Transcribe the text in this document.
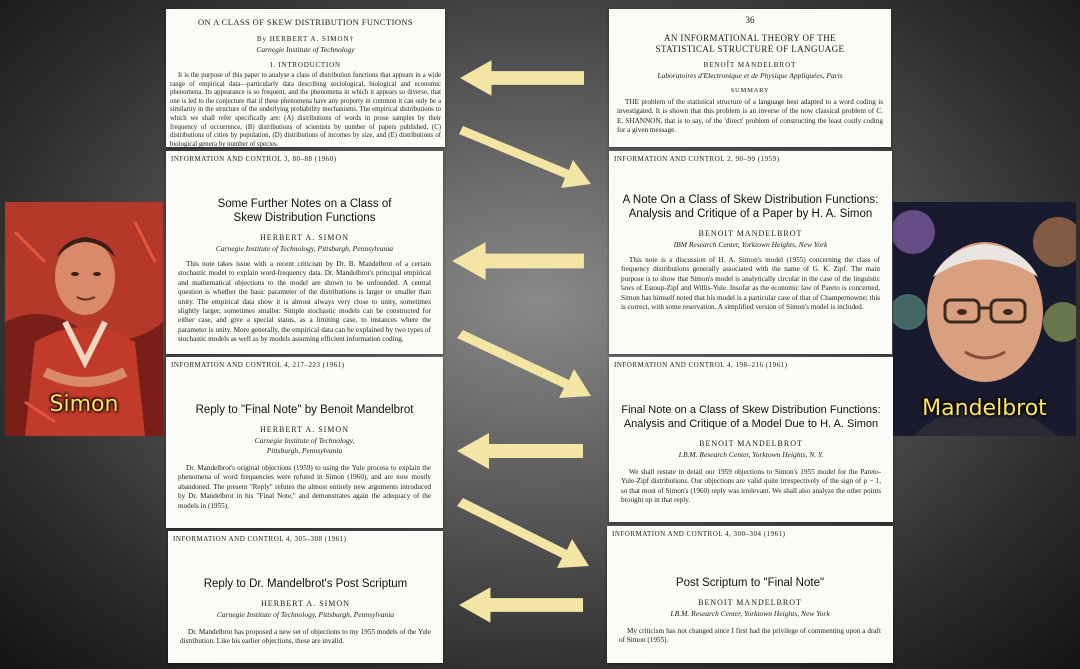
Simon	Mandelbrot
ON A CLASS OF SKEW DISTRIBUTION FUNCTIONS
By HERBERT A. SIMON†
Carnegie Institute of Technology
I. INTRODUCTION
It is the purpose of this paper to analyse a class of distribution functions that appears in a wide range of empirical data—particularly data describing sociological, biological and economic phenomena. Its appearance is so frequent, and the phenomena in which it appears so diverse, that one is led to the conjecture that if these phenomena have any property in common it can only be a similarity in the structure of the underlying probability mechanisms. The empirical distributions to which we shall refer specifically are: (A) distributions of words in prose samples by their frequency of occurrence, (B) distributions of scientists by number of papers published, (C) distributions of cities by population, (D) distributions of incomes by size, and (E) distributions of biological genera by number of species.
INFORMATION AND CONTROL 3, 80–88 (1960)
Some Further Notes on a Class of Skew Distribution Functions
HERBERT A. SIMON
Carnegie Institute of Technology, Pittsburgh, Pennsylvania
This note takes issue with a recent criticism by Dr. B. Mandelbrot of a certain stochastic model to explain word-frequency data. Dr. Mandelbrot's principal empirical and mathematical objections to the model are shown to be unfounded. A central question is whether the basic parameter of the distributions is larger or smaller than unity. The empirical data show it is almost always very close to unity, sometimes slightly larger, sometimes smaller. Simple stochastic models can be constructed for either case, and give a special status, as a limiting case, to instances where the parameter is unity. More generally, the empirical data can be explained by two types of stochastic models as well as by models assuming efficient information coding.
INFORMATION AND CONTROL 4, 217–223 (1961)
Reply to "Final Note" by Benoit Mandelbrot
HERBERT A. SIMON
Carnegie Institute of Technology,
Pittsburgh, Pennsylvania
Dr. Mandelbrot's original objections (1959) to using the Yule process to explain the phenomena of word frequencies were refuted in Simon (1960), and are now mostly abandoned. The present "Reply" refutes the almost entirely new arguments introduced by Dr. Mandelbrot in his "Final Note," and demonstrates again the adequacy of the models in (1955).
INFORMATION AND CONTROL 4, 305–308 (1961)
Reply to Dr. Mandelbrot's Post Scriptum
HERBERT A. SIMON
Carnegie Institute of Technology, Pittsburgh, Pennsylvania
Dr. Mandelbrot has proposed a new set of objections to my 1955 models of the Yule distribution. Like his earlier objections, these are invalid.
36
AN INFORMATIONAL THEORY OF THE STATISTICAL STRUCTURE OF LANGUAGE
BENOÎT MANDELBROT
Laboratoires d'Electronique et de Physique Appliquées, Paris
SUMMARY
THE problem of the statistical structure of a language best adapted to a word coding is investigated. It is shown that this problem is an inverse of the now classical problem of C. E. SHANNON, that is to say, of the 'direct' problem of constructing the least costly coding for a given message.
INFORMATION AND CONTROL 2, 90–99 (1959)
A Note On a Class of Skew Distribution Functions: Analysis and Critique of a Paper by H. A. Simon
BENOIT MANDELBROT
IBM Research Center, Yorktown Heights, New York
This note is a discussion of H. A. Simon's model (1955) concerning the class of frequency distributions generally associated with the name of G. K. Zipf. The main purpose is to show that Simon's model is analytically circular in the case of the linguistic laws of Estoup-Zipf and Willis-Yule. Insofar as the economic law of Pareto is concerned, Simon has himself noted that his model is a particular case of that of Champernowne; this is correct, with some reservation. A simplified version of Simon's model is included.
INFORMATION AND CONTROL 4, 198–216 (1961)
Final Note on a Class of Skew Distribution Functions: Analysis and Critique of a Model Due to H. A. Simon
BENOIT MANDELBROT
I.B.M. Research Center, Yorktown Heights, N. Y.
We shall restate in detail our 1959 objections to Simon's 1955 model for the Pareto-Yule-Zipf distributions. Our objections are valid quite irrespectively of the sign of ρ − 1, so that most of Simon's (1960) reply was irrelevant. We shall also analyze the other points brought up in that reply.
INFORMATION AND CONTROL 4, 300–304 (1961)
Post Scriptum to "Final Note"
BENOIT MANDELBROT
I.B.M. Research Center, Yorktown Heights, New York
My criticism has not changed since I first had the privilege of commenting upon a draft of Simon (1955).
